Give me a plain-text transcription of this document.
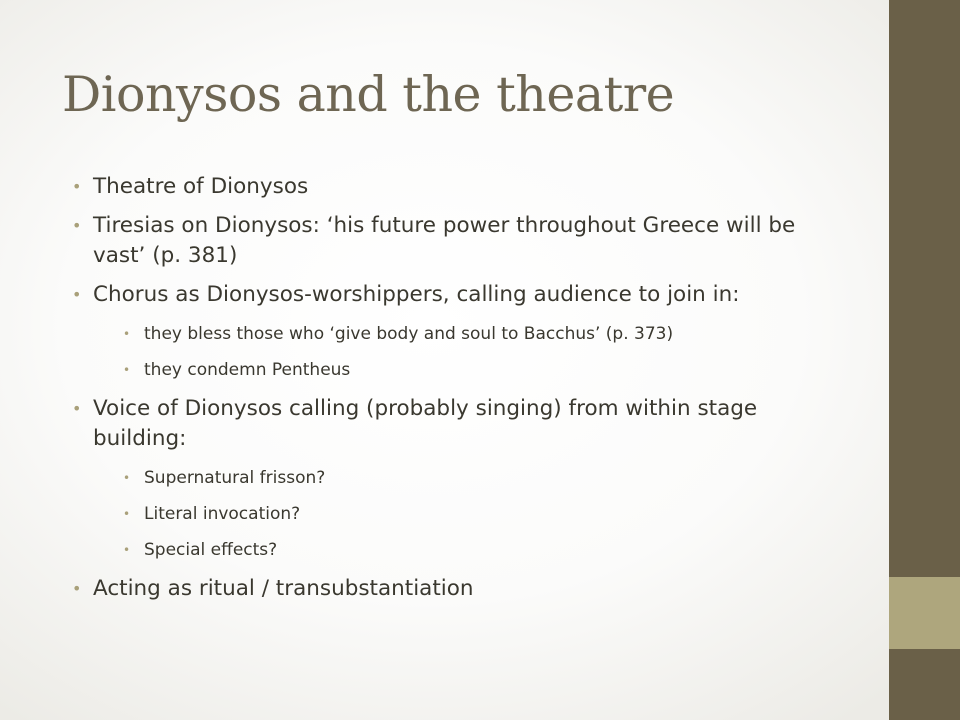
Dionysos and the theatre
• Theatre of Dionysos
• Tiresias on Dionysos: ‘his future power throughout Greece will be vast’ (p. 381)
• Chorus as Dionysos-worshippers, calling audience to join in:
• they bless those who ‘give body and soul to Bacchus’ (p. 373)
• they condemn Pentheus
• Voice of Dionysos calling (probably singing) from within stage building:
• Supernatural frisson?
• Literal invocation?
• Special effects?
• Acting as ritual / transubstantiation
